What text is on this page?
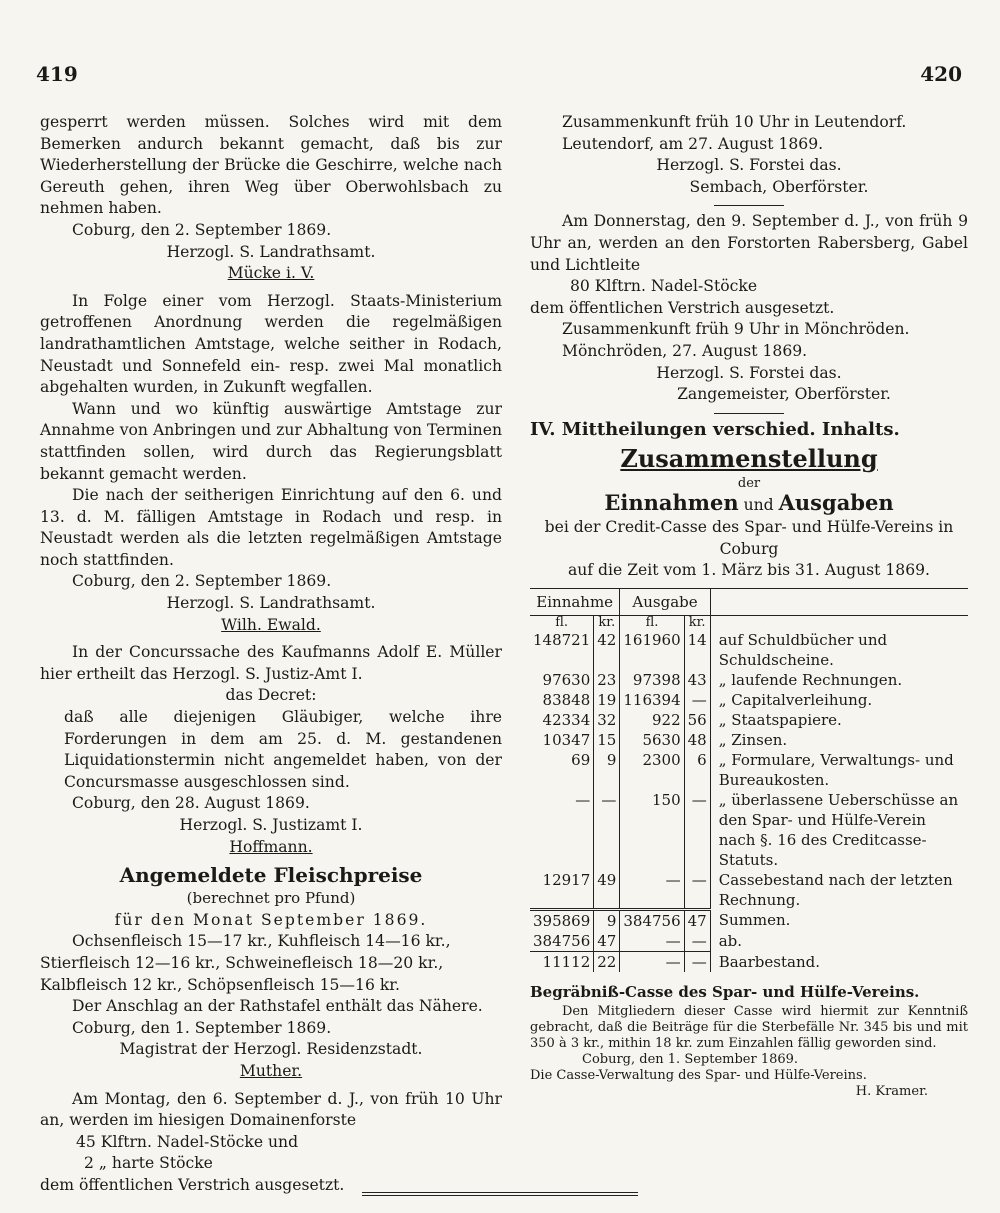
419	420

gesperrt werden müssen. Solches wird mit dem Bemerken andurch bekannt gemacht, daß bis zur Wiederherstellung der Brücke die Geschirre, welche nach Gereuth gehen, ihren Weg über Oberwohlsbach zu nehmen haben.

Coburg, den 2. September 1869.

Herzogl. S. Landrathsamt.

Mücke i. V.

In Folge einer vom Herzogl. Staats-Ministerium getroffenen Anordnung werden die regelmäßigen landrathamtlichen Amtstage, welche seither in Rodach, Neustadt und Sonnefeld ein- resp. zwei Mal monatlich abgehalten wurden, in Zukunft wegfallen.

Wann und wo künftig auswärtige Amtstage zur Annahme von Anbringen und zur Abhaltung von Terminen stattfinden sollen, wird durch das Regierungsblatt bekannt gemacht werden.

Die nach der seitherigen Einrichtung auf den 6. und 13. d. M. fälligen Amtstage in Rodach und resp. in Neustadt werden als die letzten regelmäßigen Amtstage noch stattfinden.

Coburg, den 2. September 1869.

Herzogl. S. Landrathsamt.

Wilh. Ewald.

In der Concurssache des Kaufmanns Adolf E. Müller hier ertheilt das Herzogl. S. Justiz-Amt I.

das Decret:

daß alle diejenigen Gläubiger, welche ihre Forderungen in dem am 25. d. M. gestandenen Liquidationstermin nicht angemeldet haben, von der Concursmasse ausgeschlossen sind.

Coburg, den 28. August 1869.

Herzogl. S. Justizamt I.

Hoffmann.

Angemeldete Fleischpreise

(berechnet pro Pfund)

für den Monat September 1869.

Ochsenfleisch 15—17 kr., Kuhfleisch 14—16 kr.,

Stierfleisch 12—16 kr., Schweinefleisch 18—20 kr.,

Kalbfleisch 12 kr., Schöpsenfleisch 15—16 kr.

Der Anschlag an der Rathstafel enthält das Nähere.

Coburg, den 1. September 1869.

Magistrat der Herzogl. Residenzstadt.

Muther.

Am Montag, den 6. September d. J., von früh 10 Uhr an, werden im hiesigen Domainenforste

45 Klftrn. Nadel-Stöcke und

2 „ harte Stöcke

dem öffentlichen Verstrich ausgesetzt.

Zusammenkunft früh 10 Uhr in Leutendorf.

Leutendorf, am 27. August 1869.

Herzogl. S. Forstei das.

Sembach, Oberförster.

Am Donnerstag, den 9. September d. J., von früh 9 Uhr an, werden an den Forstorten Rabersberg, Gabel und Lichtleite

80 Klftrn. Nadel-Stöcke

dem öffentlichen Verstrich ausgesetzt.

Zusammenkunft früh 9 Uhr in Mönchröden.

Mönchröden, 27. August 1869.

Herzogl. S. Forstei das.

Zangemeister, Oberförster.

IV. Mittheilungen verschied. Inhalts.

Zusammenstellung

der

Einnahmen und Ausgaben

bei der Credit-Casse des Spar- und Hülfe-Vereins in Coburg

auf die Zeit vom 1. März bis 31. August 1869.

Einnahme		Ausgabe		
fl.	kr.	fl.	kr.	
148721	42	161960	14	auf Schuldbücher und Schuldscheine.
97630	23	97398	43	„ laufende Rechnungen.
83848	19	116394	—	„ Capitalverleihung.
42334	32	922	56	„ Staatspapiere.
10347	15	5630	48	„ Zinsen.
69	9	2300	6	„ Formulare, Verwaltungs- und Bureaukosten.
—	—	150	—	„ überlassene Ueberschüsse an den Spar- und Hülfe-Verein nach §. 16 des Creditcasse-Statuts.
12917	49	—	—	Cassebestand nach der letzten Rechnung.
395869	9	384756	47	Summen.
384756	47	—	—	ab.
11112	22	—	—	Baarbestand.

Begräbniß-Casse des Spar- und Hülfe-Vereins.

Den Mitgliedern dieser Casse wird hiermit zur Kenntniß gebracht, daß die Beiträge für die Sterbefälle Nr. 345 bis und mit 350 à 3 kr., mithin 18 kr. zum Einzahlen fällig geworden sind.

Coburg, den 1. September 1869.

Die Casse-Verwaltung des Spar- und Hülfe-Vereins.

H. Kramer.
